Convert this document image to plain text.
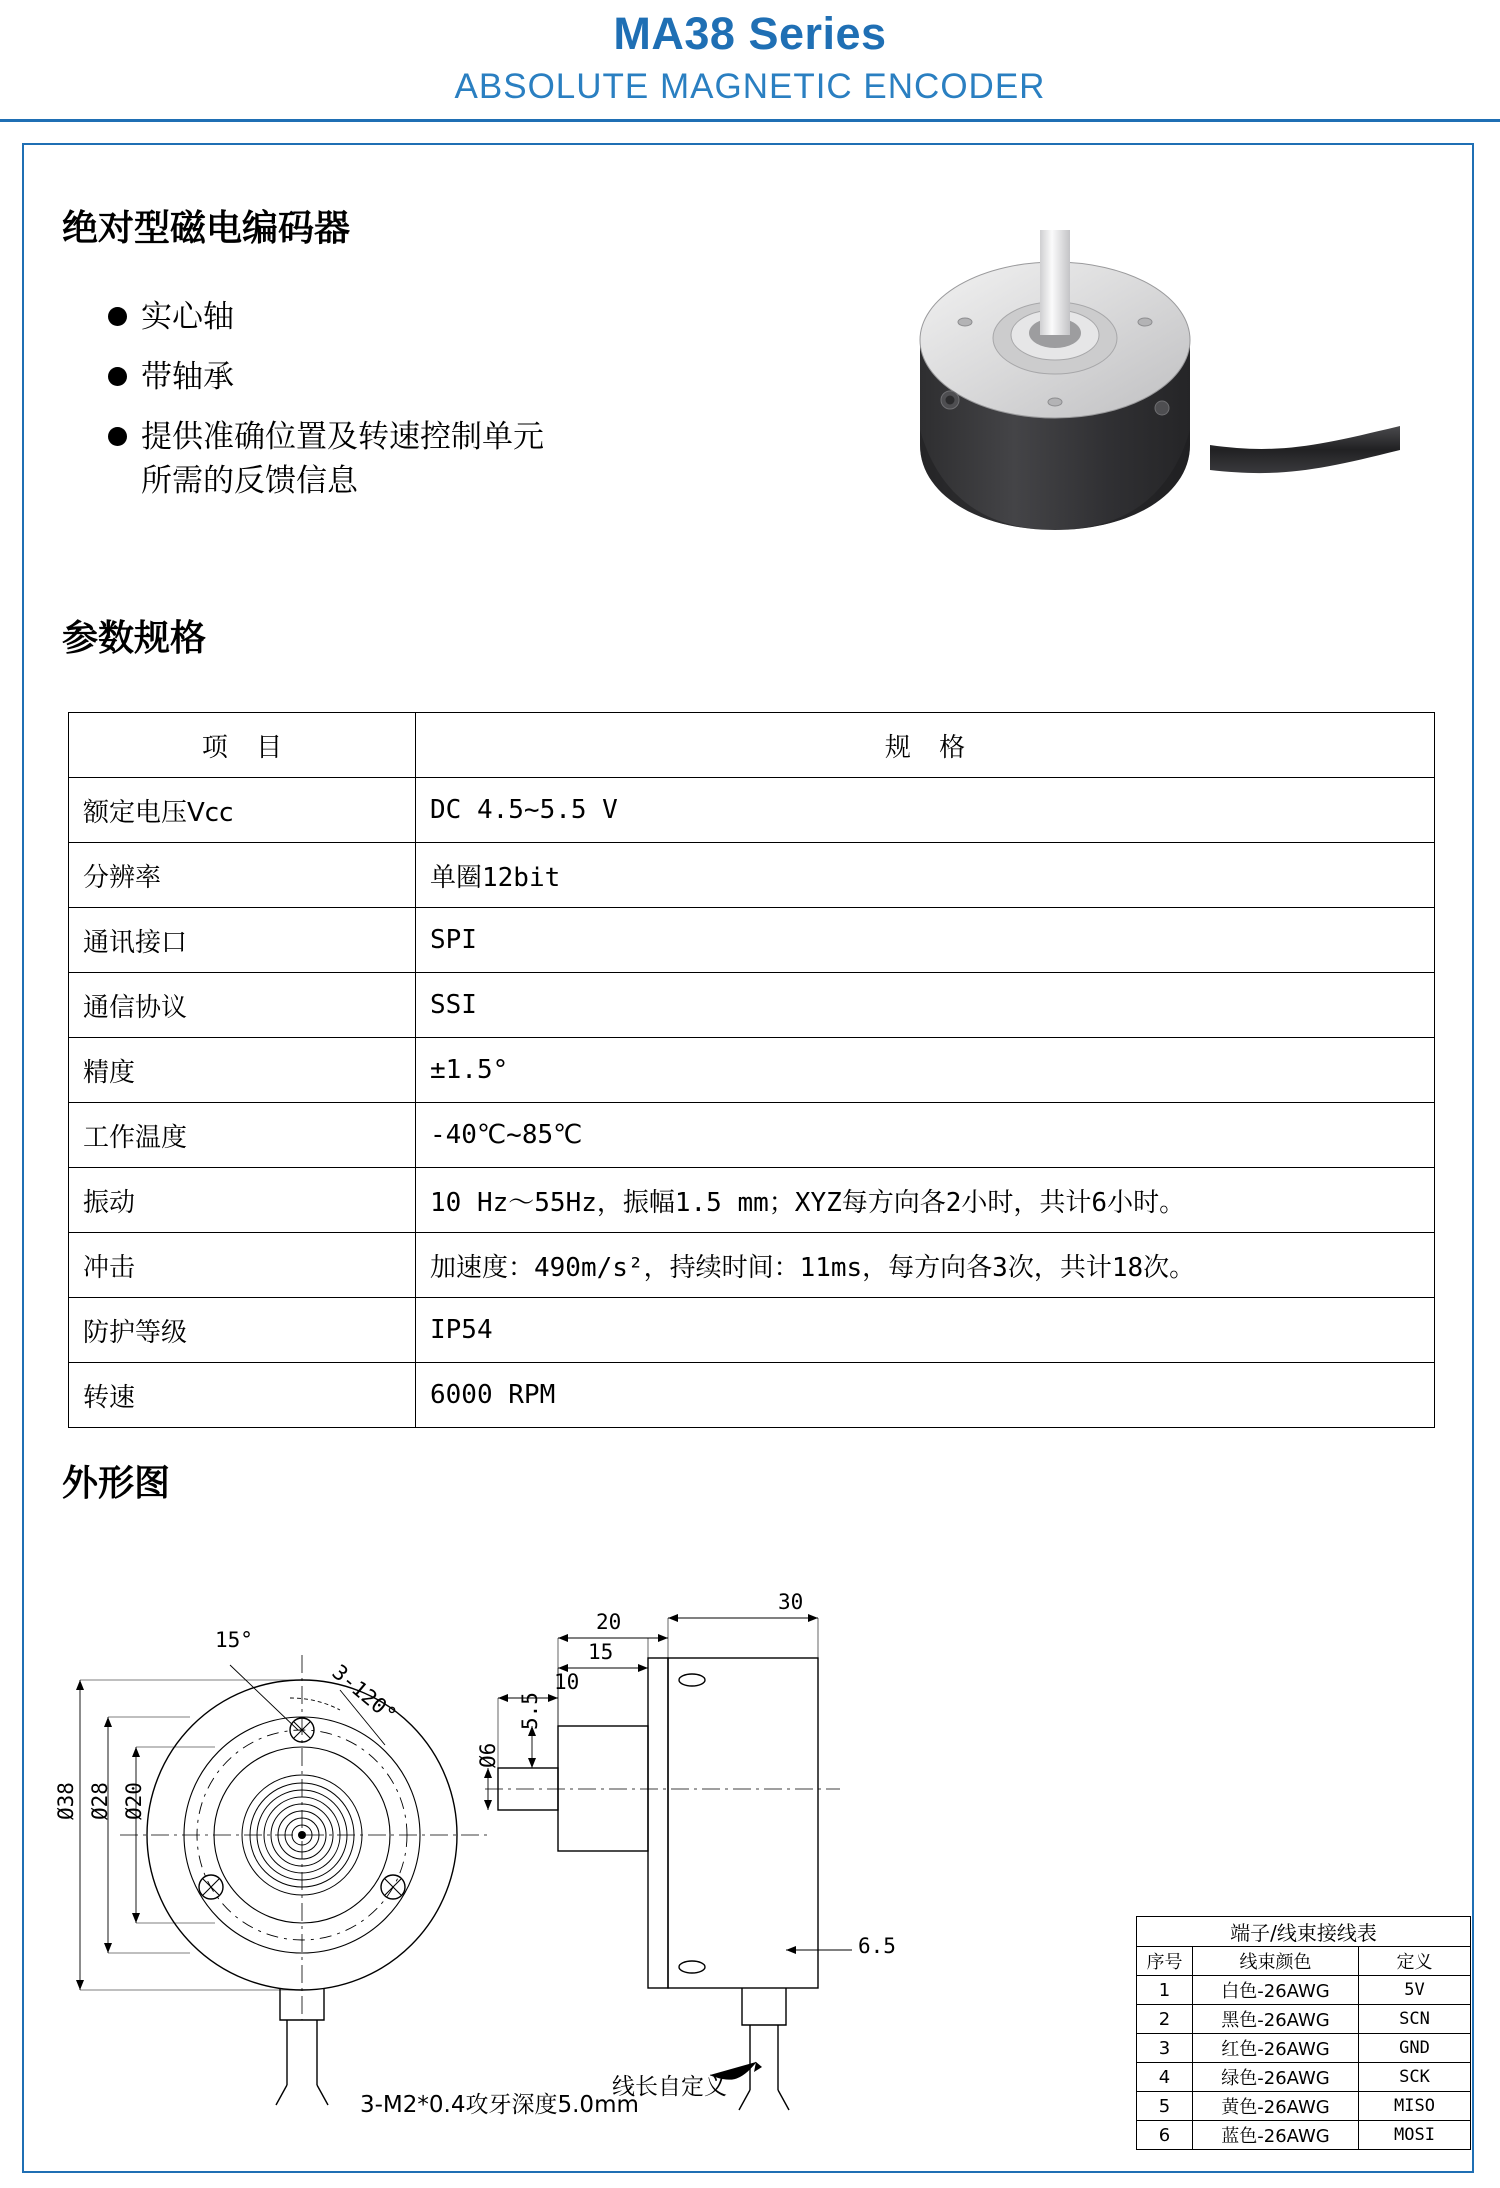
MA38 Series
ABSOLUTE MAGNETIC ENCODER
绝对型磁电编码器
实心轴
带轴承
提供准确位置及转速控制单元
所需的反馈信息
参数规格
项 目	规 格
额定电压Vcc	DC 4.5~5.5 V
分辨率	单圈12bit
通讯接口	SPI
通信协议	SSI
精度	±1.5°
工作温度	-40℃~85℃
振动	10 Hz～55Hz，振幅1.5 mm；XYZ每方向各2小时，共计6小时。
冲击	加速度：490m/s²，持续时间：11ms，每方向各3次，共计18次。
防护等级	IP54
转速	6000 RPM
外形图
Ø38 Ø28 Ø20
15°
3-120°
3-M2*0.4攻牙深度5.0mm
20
30
15
10
5.5
Ø6
6.5
线长自定义
端子/线束接线表		
序号	线束颜色	定义
1	白色-26AWG	5V
2	黑色-26AWG	SCN
3	红色-26AWG	GND
4	绿色-26AWG	SCK
5	黄色-26AWG	MISO
6	蓝色-26AWG	MOSI
